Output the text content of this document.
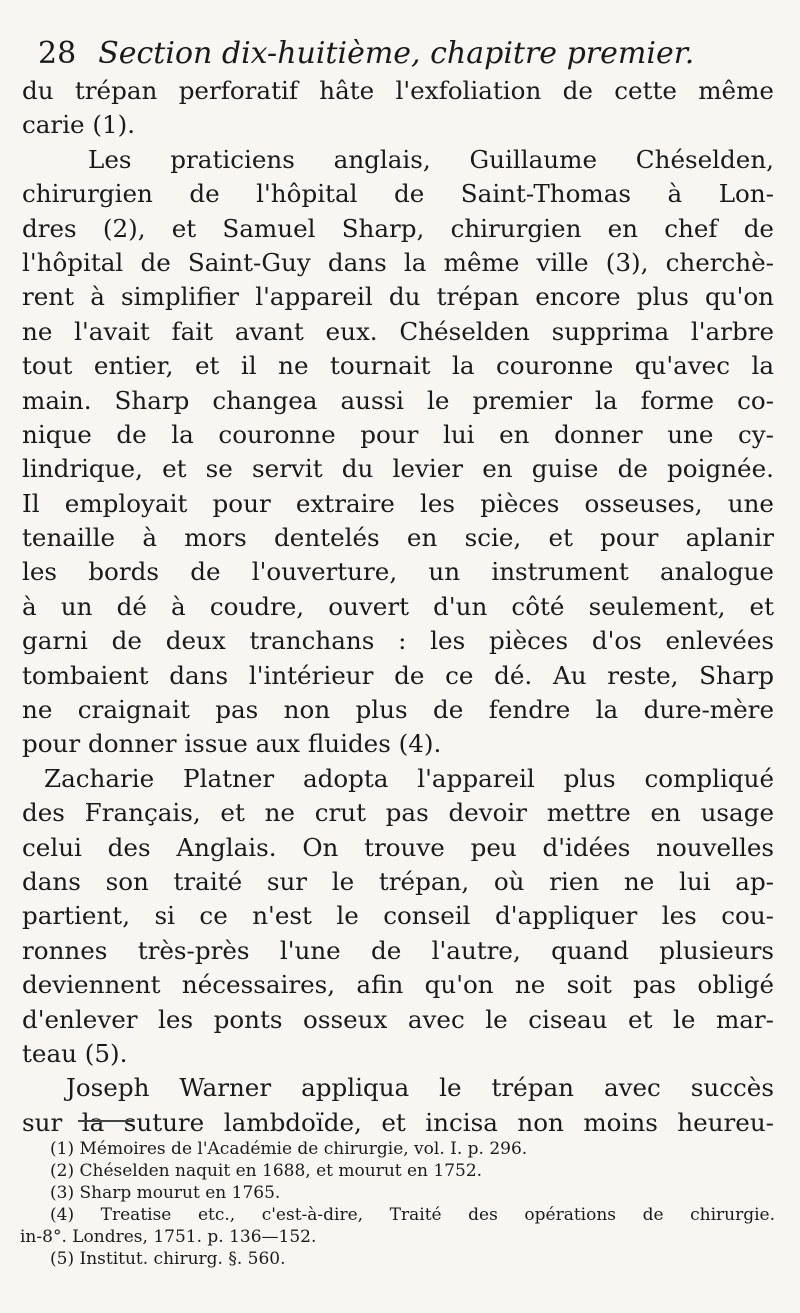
28 Section dix-huitième, chapitre premier.
du trépan perforatif hâte l'exfoliation de cette même
carie (1).
Les praticiens anglais, Guillaume Chéselden,
chirurgien de l'hôpital de Saint-Thomas à Lon-
dres (2), et Samuel Sharp, chirurgien en chef de
l'hôpital de Saint-Guy dans la même ville (3), cherchè-
rent à simplifier l'appareil du trépan encore plus qu'on
ne l'avait fait avant eux. Chéselden supprima l'arbre
tout entier, et il ne tournait la couronne qu'avec la
main. Sharp changea aussi le premier la forme co-
nique de la couronne pour lui en donner une cy-
lindrique, et se servit du levier en guise de poignée.
Il employait pour extraire les pièces osseuses, une
tenaille à mors dentelés en scie, et pour aplanir
les bords de l'ouverture, un instrument analogue
à un dé à coudre, ouvert d'un côté seulement, et
garni de deux tranchans : les pièces d'os enlevées
tombaient dans l'intérieur de ce dé. Au reste, Sharp
ne craignait pas non plus de fendre la dure-mère
pour donner issue aux fluides (4).
Zacharie Platner adopta l'appareil plus compliqué
des Français, et ne crut pas devoir mettre en usage
celui des Anglais. On trouve peu d'idées nouvelles
dans son traité sur le trépan, où rien ne lui ap-
partient, si ce n'est le conseil d'appliquer les cou-
ronnes très-près l'une de l'autre, quand plusieurs
deviennent nécessaires, afin qu'on ne soit pas obligé
d'enlever les ponts osseux avec le ciseau et le mar-
teau (5).
Joseph Warner appliqua le trépan avec succès
sur la suture lambdoïde, et incisa non moins heureu-
(1) Mémoires de l'Académie de chirurgie, vol. I. p. 296.
(2) Chéselden naquit en 1688, et mourut en 1752.
(3) Sharp mourut en 1765.
(4) Treatise etc., c'est-à-dire, Traité des opérations de chirurgie.
in-8°. Londres, 1751. p. 136—152.
(5) Institut. chirurg. §. 560.
